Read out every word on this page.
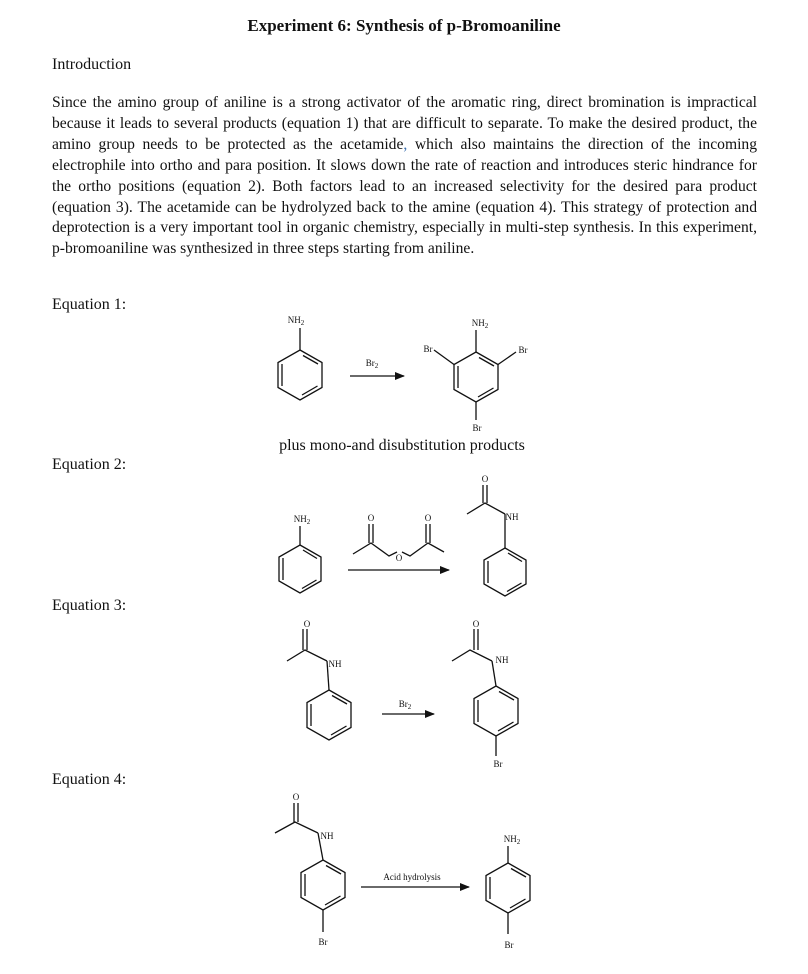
Experiment 6: Synthesis of p-Bromoaniline
Introduction

Since the amino group of aniline is a strong activator of the aromatic ring, direct bromination is impractical because it leads to several products (equation 1) that are difficult to separate. To make the desired product, the amino group needs to be protected as the acetamide, which also maintains the direction of the incoming electrophile into ortho and para position. It slows down the rate of reaction and introduces steric hindrance for the ortho positions (equation 2). Both factors lead to an increased selectivity for the desired para product (equation 3). The acetamide can be hydrolyzed back to the amine (equation 4). This strategy of protection and deprotection is a very important tool in organic chemistry, especially in multi-step synthesis. In this experiment, p-bromoaniline was synthesized in three steps starting from aniline.

Equation 1:
Equation 2:
Equation 3:
Equation 4:
$NH_2$
$Br_2$
$NH_2$
Br	Br
Br
plus mono-and disubstitution products
$NH_2$	O	O
O
O
NH
O
NH
$Br_2$
O
NH
Br
O
NH
Br
Acid hydrolysis
$NH_2$
Br
